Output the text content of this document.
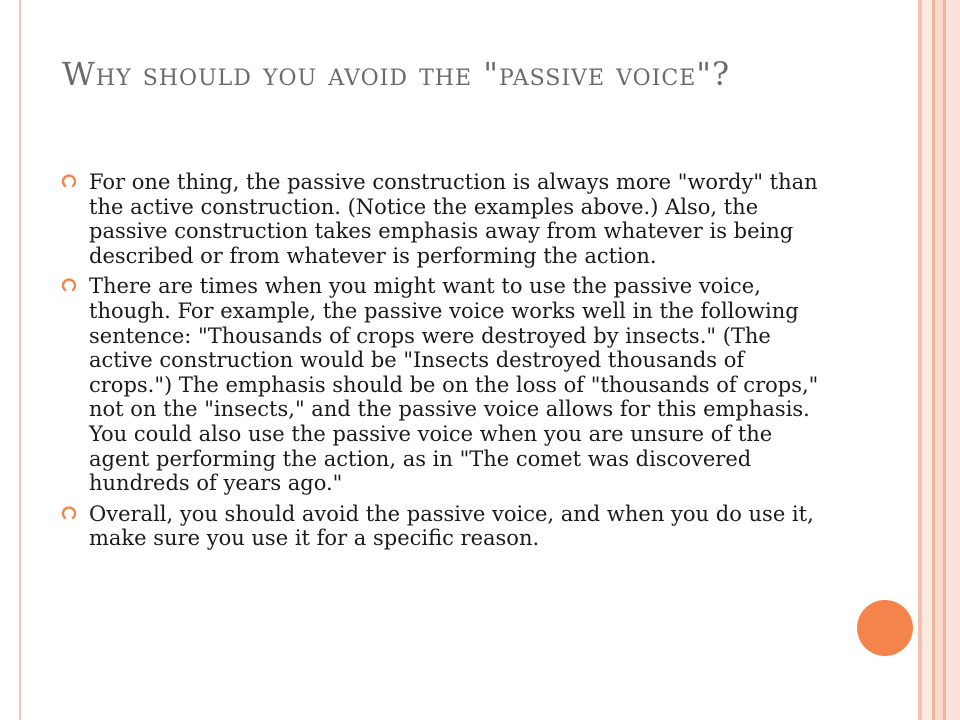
Why should you avoid the "passive voice"?
For one thing, the passive construction is always more "wordy" than the active construction. (Notice the examples above.) Also, the passive construction takes emphasis away from whatever is being described or from whatever is performing the action.
There are times when you might want to use the passive voice, though. For example, the passive voice works well in the following sentence: "Thousands of crops were destroyed by insects." (The active construction would be "Insects destroyed thousands of crops.") The emphasis should be on the loss of "thousands of crops," not on the "insects," and the passive voice allows for this emphasis. You could also use the passive voice when you are unsure of the agent performing the action, as in "The comet was discovered hundreds of years ago."
Overall, you should avoid the passive voice, and when you do use it, make sure you use it for a specific reason.
